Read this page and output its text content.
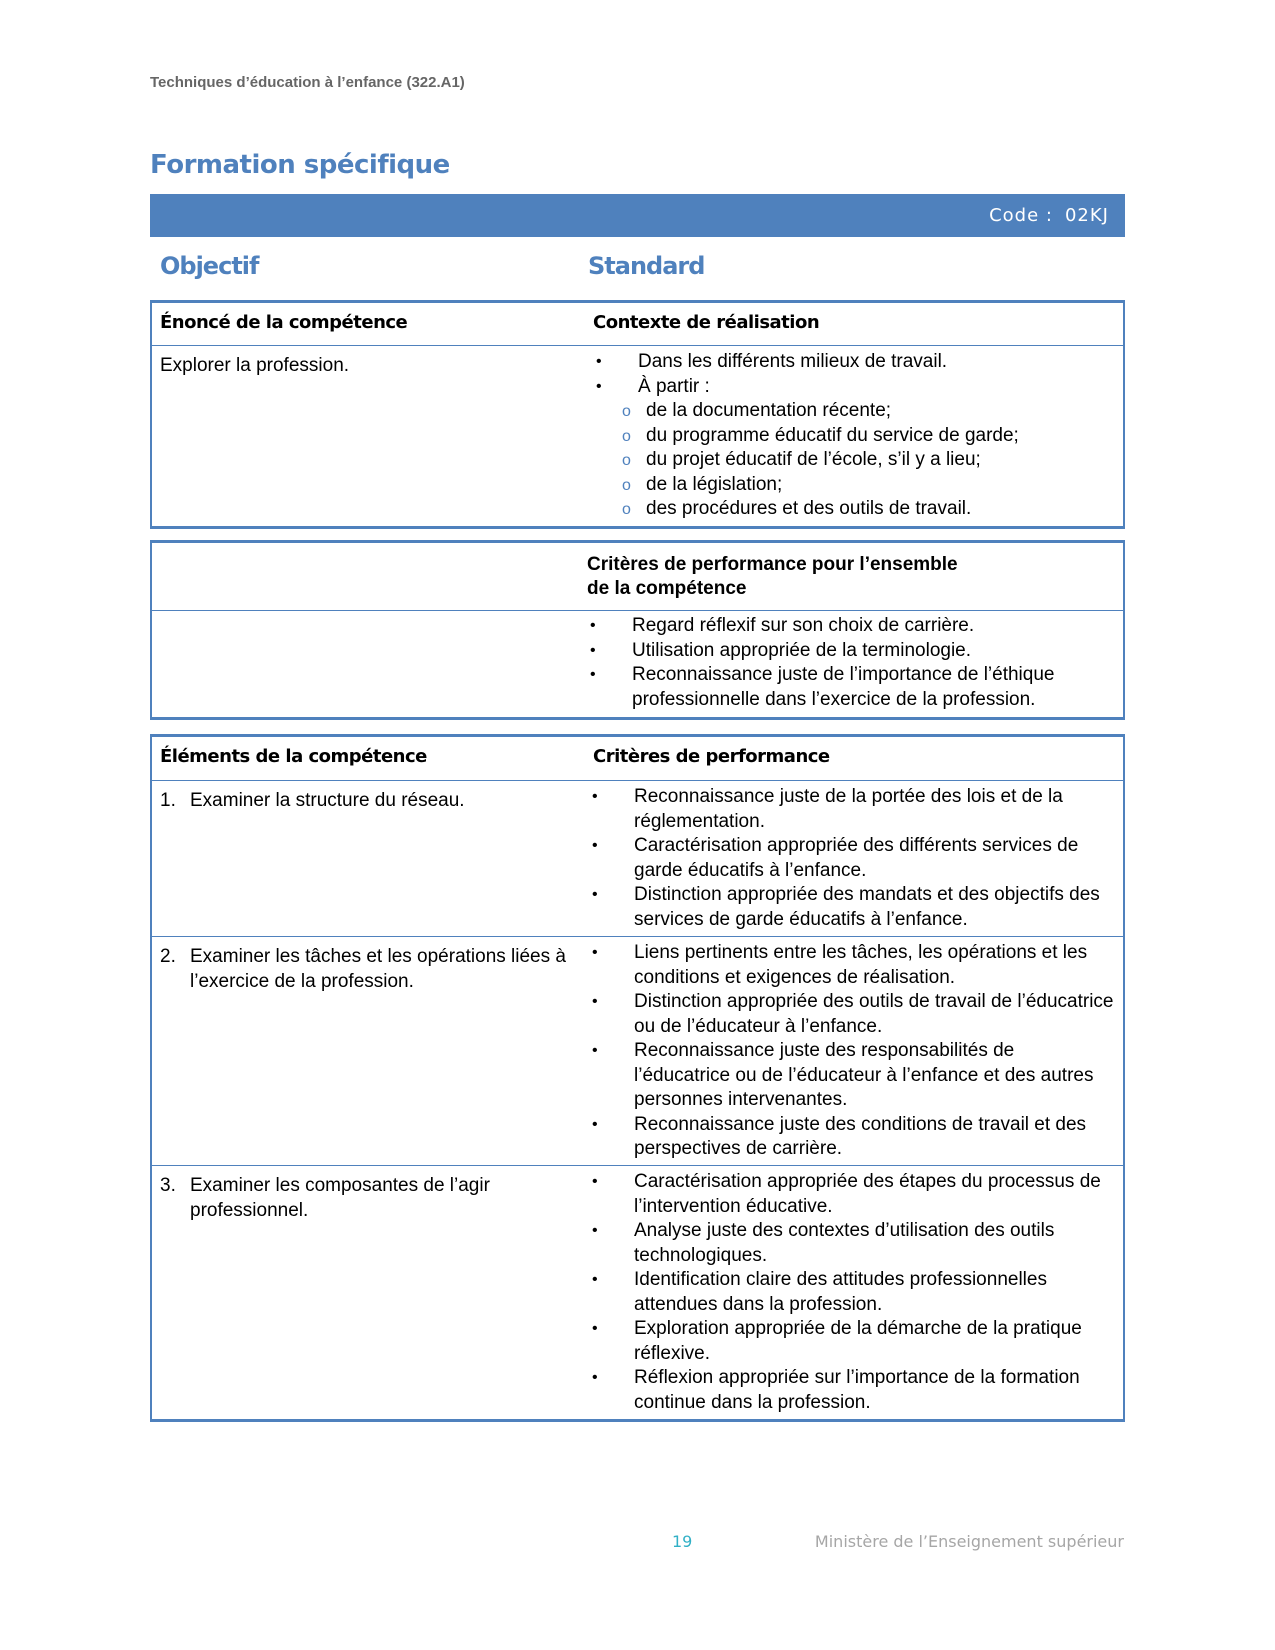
Techniques d’éducation à l’enfance (322.A1)
Formation spécifique
Code : 02KJ
Objectif	Standard
Énoncé de la compétence	Contexte de réalisation
Explorer la profession.	• Dans les différents milieux de travail.
• À partir :
o de la documentation récente;
o du programme éducatif du service de garde;
o du projet éducatif de l’école, s’il y a lieu;
o de la législation;
o des procédures et des outils de travail.
Critères de performance pour l’ensemble
de la compétence
• Regard réflexif sur son choix de carrière.
• Utilisation appropriée de la terminologie.
• Reconnaissance juste de l’importance de l’éthique professionnelle dans l’exercice de la profession.
Éléments de la compétence	Critères de performance
1. Examiner la structure du réseau.	• Reconnaissance juste de la portée des lois et de la réglementation.
• Caractérisation appropriée des différents services de garde éducatifs à l’enfance.
• Distinction appropriée des mandats et des objectifs des services de garde éducatifs à l’enfance.
2. Examiner les tâches et les opérations liées à l’exercice de la profession.
• Liens pertinents entre les tâches, les opérations et les conditions et exigences de réalisation.
• Distinction appropriée des outils de travail de l’éducatrice ou de l’éducateur à l’enfance.
• Reconnaissance juste des responsabilités de l’éducatrice ou de l’éducateur à l’enfance et des autres personnes intervenantes.
• Reconnaissance juste des conditions de travail et des perspectives de carrière.
3. Examiner les composantes de l’agir professionnel.
• Caractérisation appropriée des étapes du processus de l’intervention éducative.
• Analyse juste des contextes d’utilisation des outils technologiques.
• Identification claire des attitudes professionnelles attendues dans la profession.
• Exploration appropriée de la démarche de la pratique réflexive.
• Réflexion appropriée sur l’importance de la formation continue dans la profession.
19	Ministère de l’Enseignement supérieur
